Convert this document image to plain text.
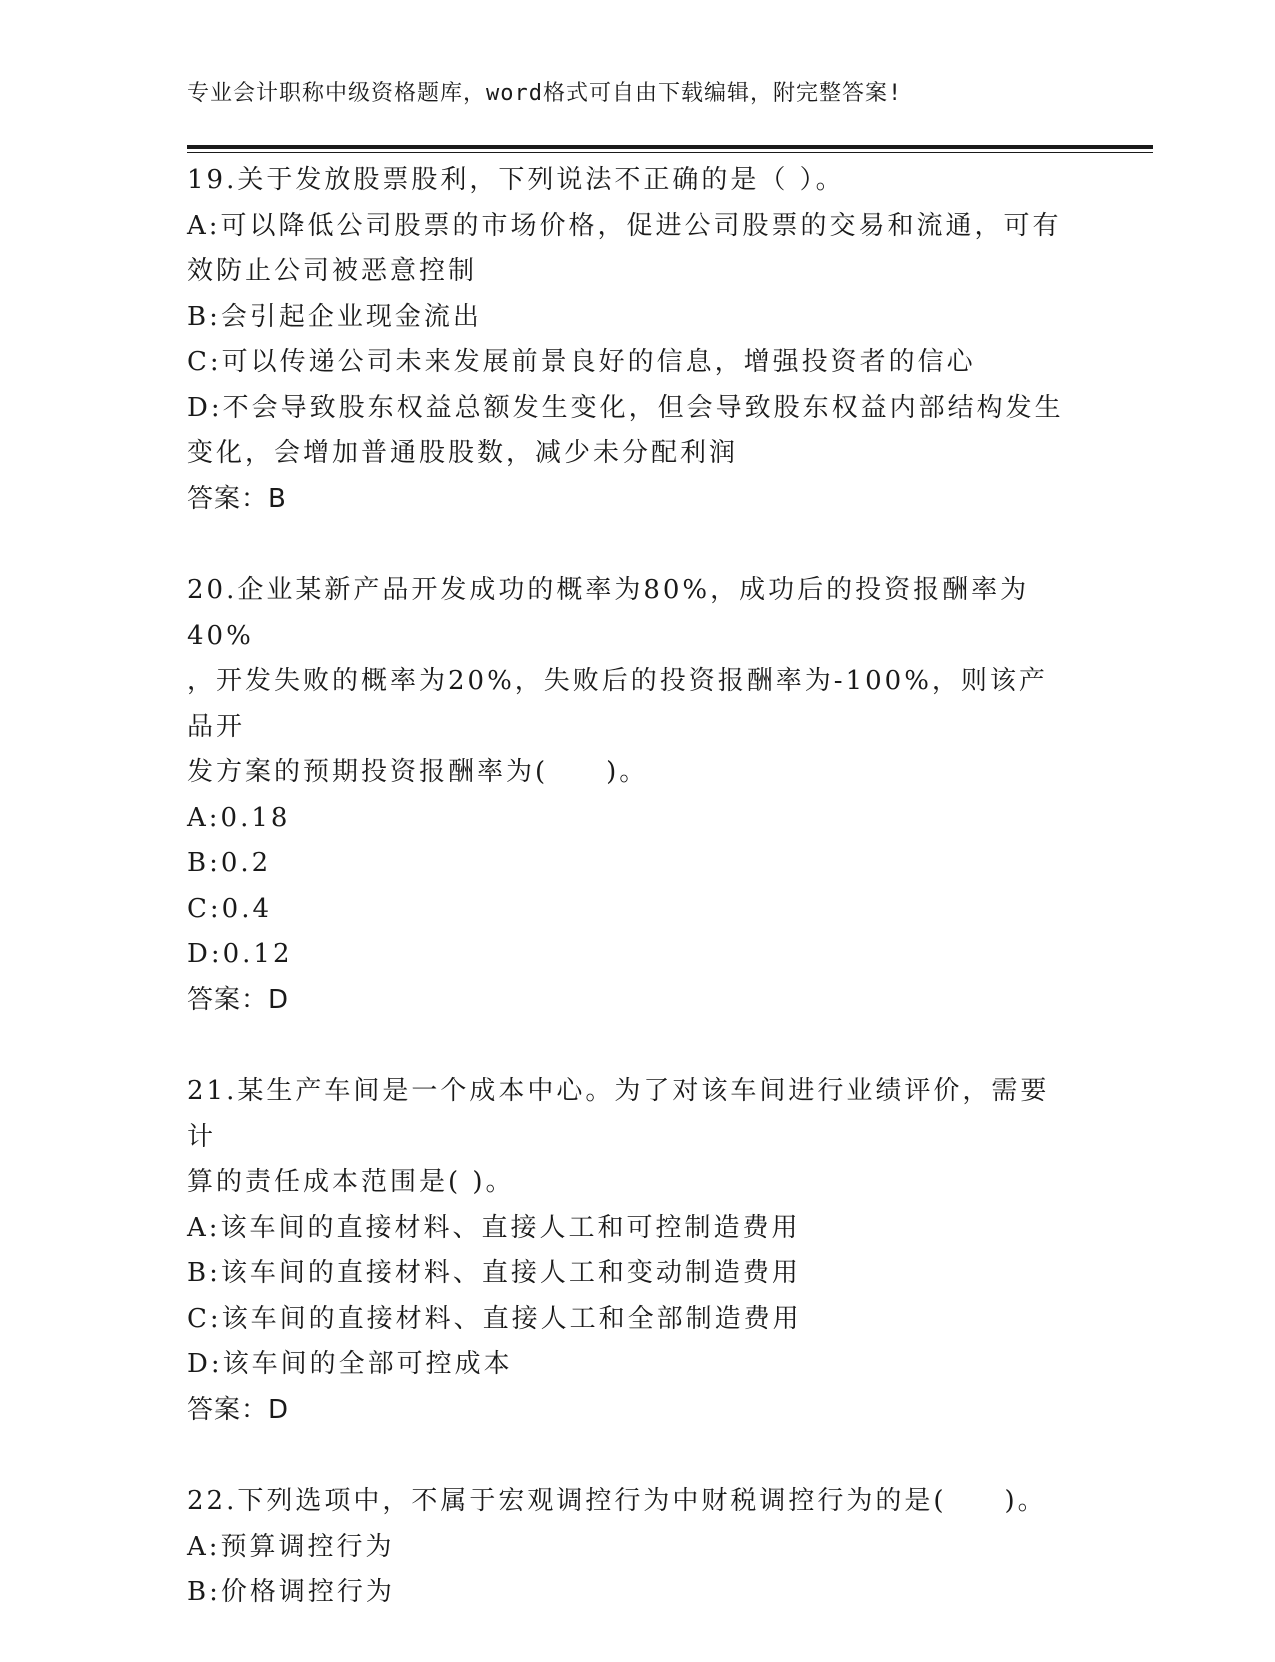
专业会计职称中级资格题库，word格式可自由下载编辑，附完整答案!
19.关于发放股票股利，下列说法不正确的是（ ）。
A:可以降低公司股票的市场价格，促进公司股票的交易和流通，可有
效防止公司被恶意控制
B:会引起企业现金流出
C:可以传递公司未来发展前景良好的信息，增强投资者的信心
D:不会导致股东权益总额发生变化，但会导致股东权益内部结构发生
变化，会增加普通股股数，减少未分配利润
答案：B
20.企业某新产品开发成功的概率为80%，成功后的投资报酬率为40%
，开发失败的概率为20%，失败后的投资报酬率为-100%，则该产品开
发方案的预期投资报酬率为(　　)。
A:0.18
B:0.2
C:0.4
D:0.12
答案：D
21.某生产车间是一个成本中心。为了对该车间进行业绩评价，需要计
算的责任成本范围是( )。
A:该车间的直接材料、直接人工和可控制造费用
B:该车间的直接材料、直接人工和变动制造费用
C:该车间的直接材料、直接人工和全部制造费用
D:该车间的全部可控成本
答案：D
22.下列选项中，不属于宏观调控行为中财税调控行为的是(　　)。
A:预算调控行为
B:价格调控行为
